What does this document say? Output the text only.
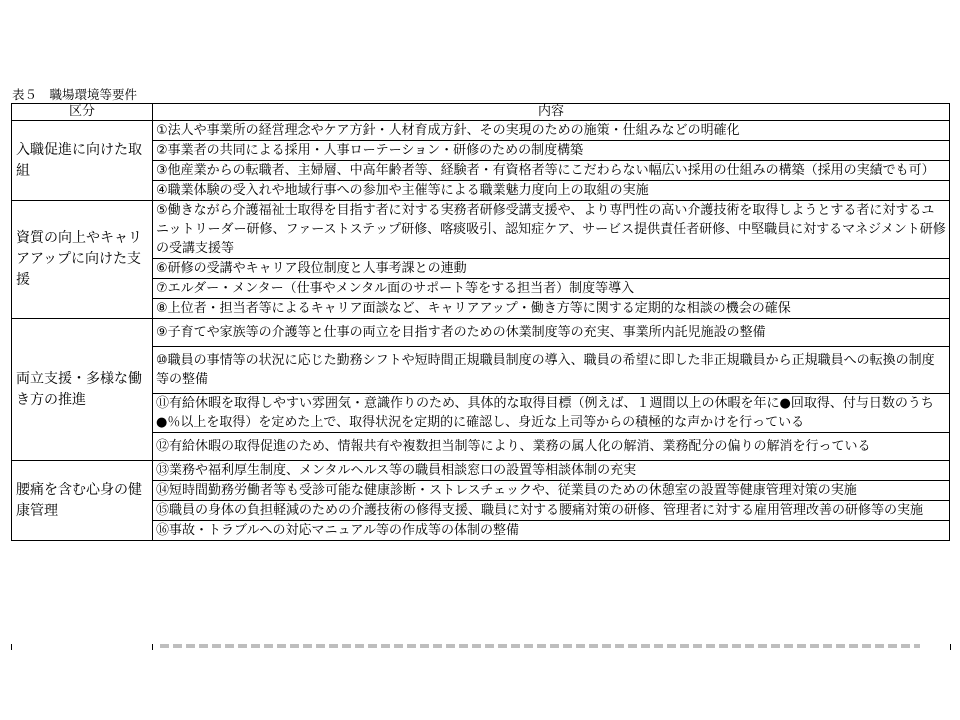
表５　職場環境等要件
区分	内容
入職促進に向けた取組	①法人や事業所の経営理念やケア方針・人材育成方針、その実現のための施策・仕組みなどの明確化
	②事業者の共同による採用・人事ローテーション・研修のための制度構築
	③他産業からの転職者、主婦層、中高年齢者等、経験者・有資格者等にこだわらない幅広い採用の仕組みの構築（採用の実績でも可）
	④職業体験の受入れや地域行事への参加や主催等による職業魅力度向上の取組の実施
資質の向上やキャリアアップに向けた支援	⑤働きながら介護福祉士取得を目指す者に対する実務者研修受講支援や、より専門性の高い介護技術を取得しようとする者に対するユニットリーダー研修、ファーストステップ研修、喀痰吸引、認知症ケア、サービス提供責任者研修、中堅職員に対するマネジメント研修の受講支援等
	⑥研修の受講やキャリア段位制度と人事考課との連動
	⑦エルダー・メンター（仕事やメンタル面のサポート等をする担当者）制度等導入
	⑧上位者・担当者等によるキャリア面談など、キャリアアップ・働き方等に関する定期的な相談の機会の確保
両立支援・多様な働き方の推進	⑨子育てや家族等の介護等と仕事の両立を目指す者のための休業制度等の充実、事業所内託児施設の整備
	⑩職員の事情等の状況に応じた勤務シフトや短時間正規職員制度の導入、職員の希望に即した非正規職員から正規職員への転換の制度等の整備
	⑪有給休暇を取得しやすい雰囲気・意識作りのため、具体的な取得目標（例えば、１週間以上の休暇を年に●回取得、付与日数のうち●％以上を取得）を定めた上で、取得状況を定期的に確認し、身近な上司等からの積極的な声かけを行っている
	⑫有給休暇の取得促進のため、情報共有や複数担当制等により、業務の属人化の解消、業務配分の偏りの解消を行っている
腰痛を含む心身の健康管理	⑬業務や福利厚生制度、メンタルヘルス等の職員相談窓口の設置等相談体制の充実
	⑭短時間勤務労働者等も受診可能な健康診断・ストレスチェックや、従業員のための休憩室の設置等健康管理対策の実施
	⑮職員の身体の負担軽減のための介護技術の修得支援、職員に対する腰痛対策の研修、管理者に対する雇用管理改善の研修等の実施
	⑯事故・トラブルへの対応マニュアル等の作成等の体制の整備
